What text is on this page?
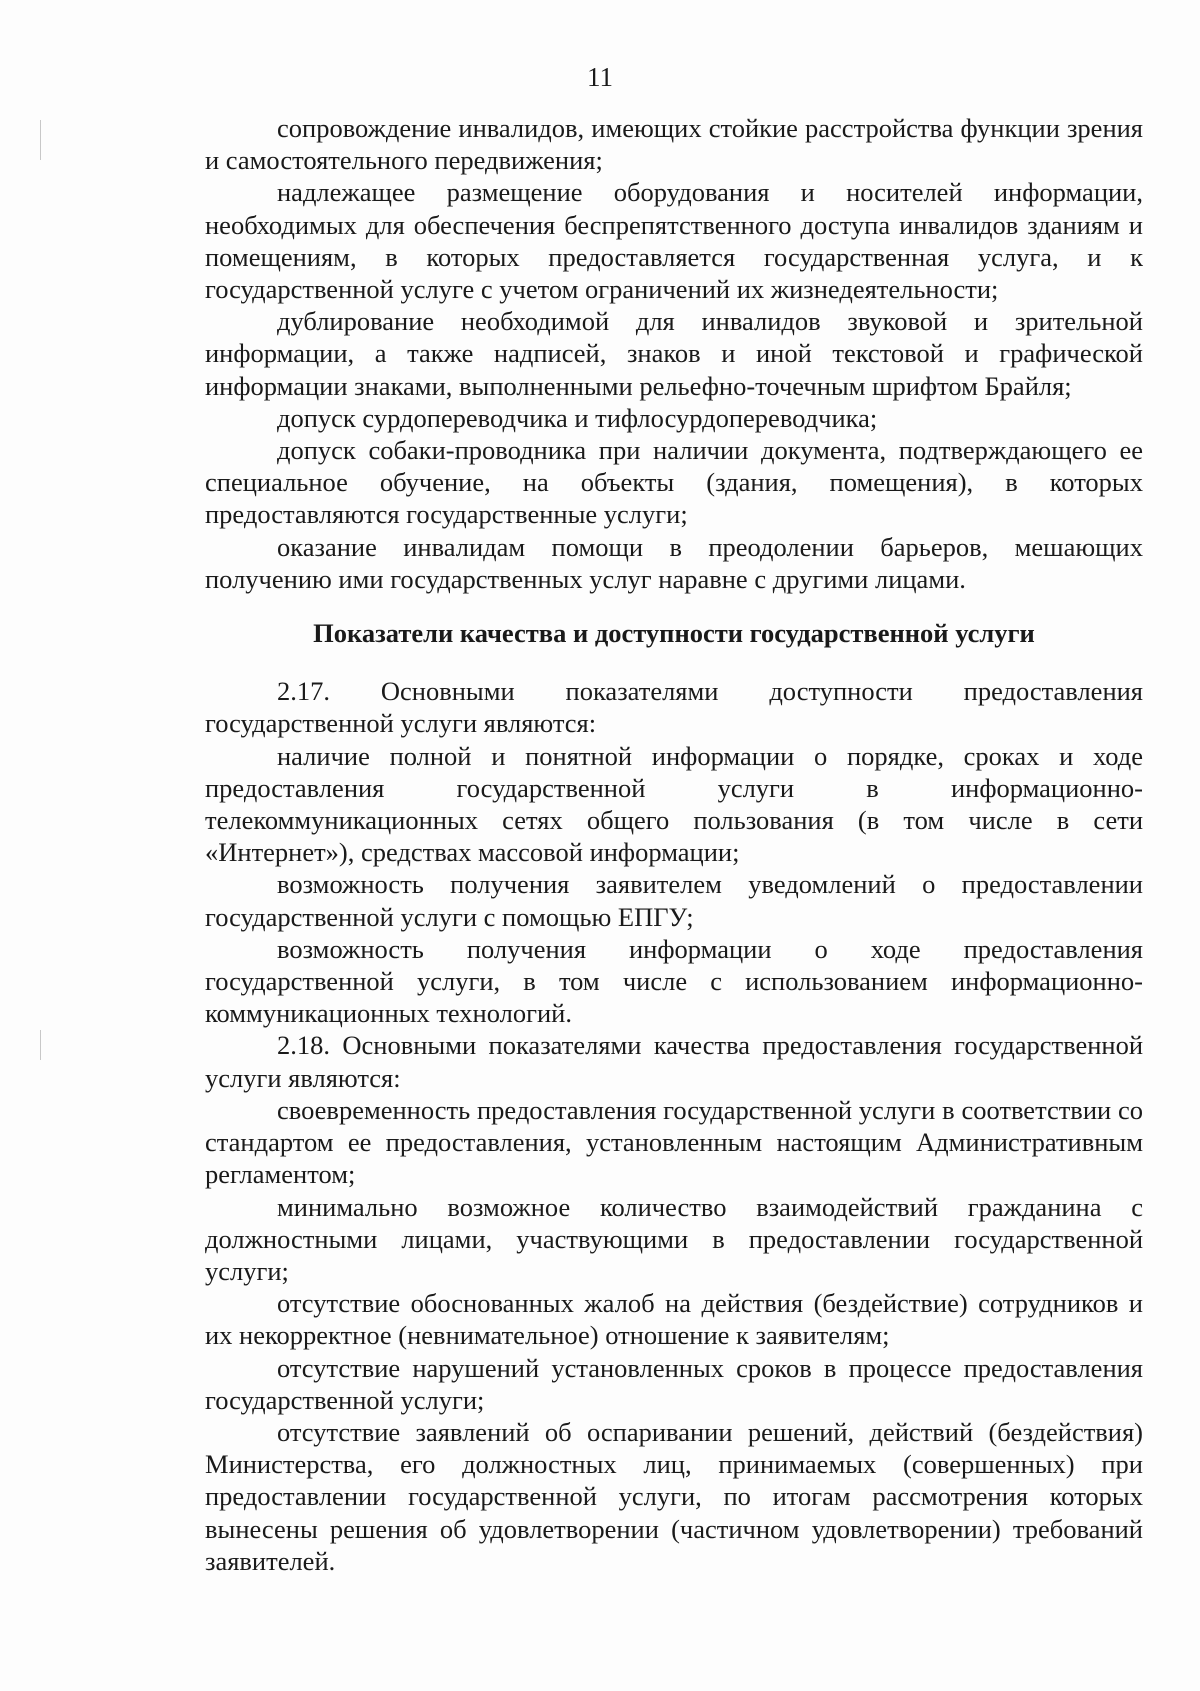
11

сопровождение инвалидов, имеющих стойкие расстройства функции зрения и самостоятельного передвижения;

надлежащее размещение оборудования и носителей информации, необходимых для обеспечения беспрепятственного доступа инвалидов зданиям и помещениям, в которых предоставляется государственная услуга, и к государственной услуге с учетом ограничений их жизнедеятельности;

дублирование необходимой для инвалидов звуковой и зрительной информации, а также надписей, знаков и иной текстовой и графической информации знаками, выполненными рельефно-точечным шрифтом Брайля;

допуск сурдопереводчика и тифлосурдопереводчика;

допуск собаки-проводника при наличии документа, подтверждающего ее специальное обучение, на объекты (здания, помещения), в которых предоставляются государственные услуги;

оказание инвалидам помощи в преодолении барьеров, мешающих получению ими государственных услуг наравне с другими лицами.

Показатели качества и доступности государственной услуги

2.17. Основными показателями доступности предоставления государственной услуги являются:

наличие полной и понятной информации о порядке, сроках и ходе предоставления государственной услуги в информационно-телекоммуникационных сетях общего пользования (в том числе в сети «Интернет»), средствах массовой информации;

возможность получения заявителем уведомлений о предоставлении государственной услуги с помощью ЕПГУ;

возможность получения информации о ходе предоставления государственной услуги, в том числе с использованием информационно-коммуникационных технологий.

2.18. Основными показателями качества предоставления государственной услуги являются:

своевременность предоставления государственной услуги в соответствии со стандартом ее предоставления, установленным настоящим Административным регламентом;

минимально возможное количество взаимодействий гражданина с должностными лицами, участвующими в предоставлении государственной услуги;

отсутствие обоснованных жалоб на действия (бездействие) сотрудников и их некорректное (невнимательное) отношение к заявителям;

отсутствие нарушений установленных сроков в процессе предоставления государственной услуги;

отсутствие заявлений об оспаривании решений, действий (бездействия) Министерства, его должностных лиц, принимаемых (совершенных) при предоставлении государственной услуги, по итогам рассмотрения которых вынесены решения об удовлетворении (частичном удовлетворении) требований заявителей.
